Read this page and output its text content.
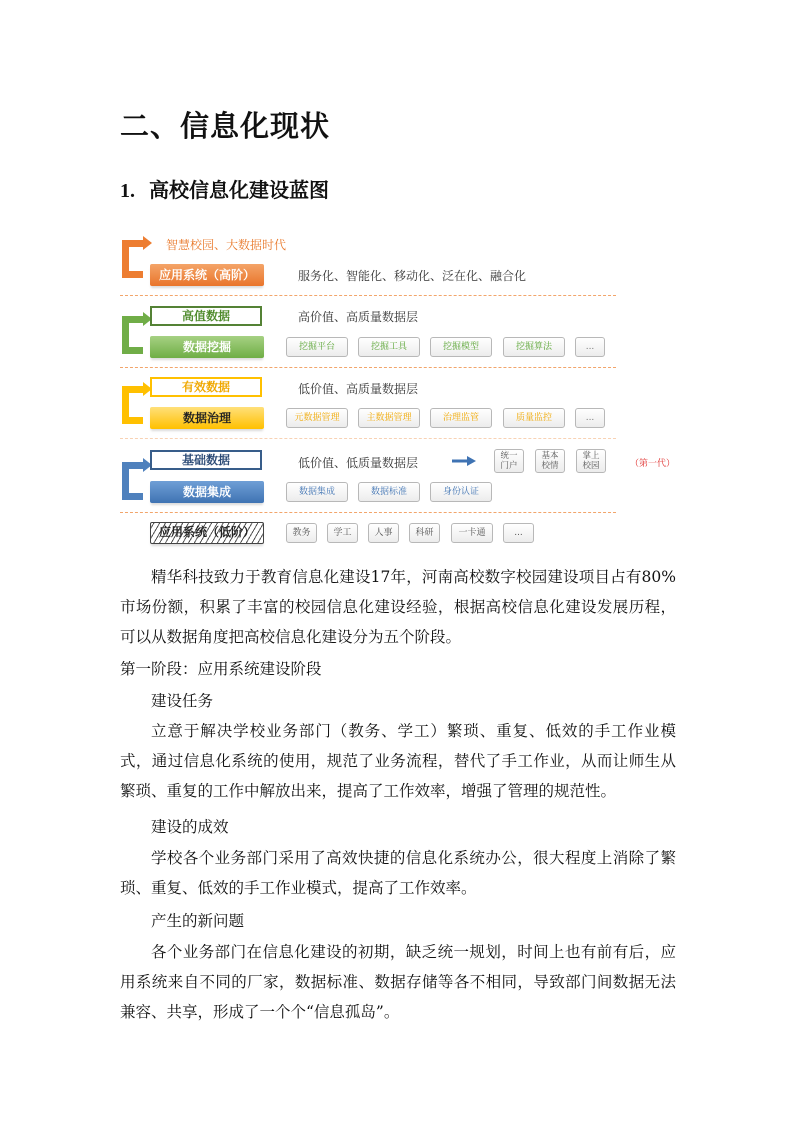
二、信息化现状
1. 高校信息化建设蓝图
智慧校园、大数据时代
应用系统（高阶）	服务化、智能化、移动化、泛在化、融合化
高值数据
数据挖掘
高价值、高质量数据层
挖掘平台	挖掘工具	挖掘模型	挖掘算法	...
有效数据
数据治理
低价值、高质量数据层
元数据管理	主数据管理	治理监管	质量监控	...
基础数据
数据集成
低价值、低质量数据层	统一
门户
基本
校情
掌上
校园	（第一代）
数据集成	数据标准	身份认证
应用系统（低阶）	教务	学工	人事	科研	一卡通	...
精华科技致力于教育信息化建设17年，河南高校数字校园建设项目占有80%市场份额，积累了丰富的校园信息化建设经验，根据高校信息化建设发展历程，可以从数据角度把高校信息化建设分为五个阶段。
第一阶段：应用系统建设阶段
建设任务
立意于解决学校业务部门（教务、学工）繁琐、重复、低效的手工作业模式，通过信息化系统的使用，规范了业务流程，替代了手工作业，从而让师生从繁琐、重复的工作中解放出来，提高了工作效率，增强了管理的规范性。
建设的成效
学校各个业务部门采用了高效快捷的信息化系统办公，很大程度上消除了繁琐、重复、低效的手工作业模式，提高了工作效率。
产生的新问题
各个业务部门在信息化建设的初期，缺乏统一规划，时间上也有前有后，应用系统来自不同的厂家，数据标准、数据存储等各不相同，导致部门间数据无法兼容、共享，形成了一个个“信息孤岛”。
